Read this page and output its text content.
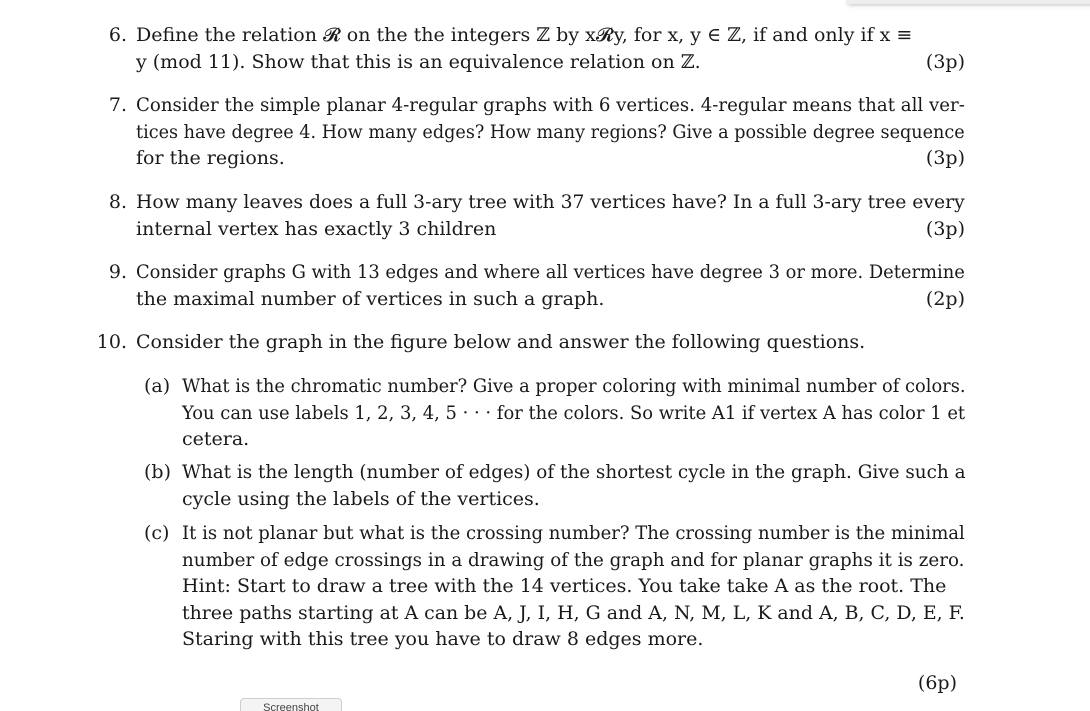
6. Define the relation 𝓡 on the the integers ℤ by x𝓡y, for x, y ∈ ℤ, if and only if x ≡
y (mod 11). Show that this is an equivalence relation on ℤ.	(3p)
7. Consider the simple planar 4-regular graphs with 6 vertices. 4-regular means that all ver-
tices have degree 4. How many edges? How many regions? Give a possible degree sequence
for the regions.	(3p)
8. How many leaves does a full 3-ary tree with 37 vertices have? In a full 3-ary tree every
internal vertex has exactly 3 children	(3p)
9. Consider graphs G with 13 edges and where all vertices have degree 3 or more. Determine
the maximal number of vertices in such a graph.	(2p)
10. Consider the graph in the figure below and answer the following questions.
(a) What is the chromatic number? Give a proper coloring with minimal number of colors.
You can use labels 1, 2, 3, 4, 5 · · · for the colors. So write A1 if vertex A has color 1 et
cetera.
(b) What is the length (number of edges) of the shortest cycle in the graph. Give such a
cycle using the labels of the vertices.
(c) It is not planar but what is the crossing number? The crossing number is the minimal
number of edge crossings in a drawing of the graph and for planar graphs it is zero.
Hint: Start to draw a tree with the 14 vertices. You take take A as the root. The
three paths starting at A can be A, J, I, H, G and A, N, M, L, K and A, B, C, D, E, F.
Staring with this tree you have to draw 8 edges more.
(6p)
Screenshot
